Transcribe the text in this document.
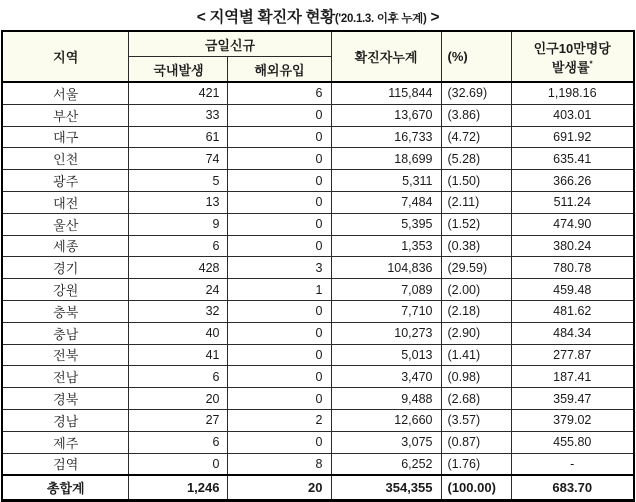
< 지역별 확진자 현황('20.1.3. 이후 누계) >
지역	금일신규		확진자누계	(%)	인구10만명당
발생률*
	국내발생	해외유입			
서울	421	6	115,844	(32.69)	1,198.16
부산	33	0	13,670	(3.86)	403.01
대구	61	0	16,733	(4.72)	691.92
인천	74	0	18,699	(5.28)	635.41
광주	5	0	5,311	(1.50)	366.26
대전	13	0	7,484	(2.11)	511.24
울산	9	0	5,395	(1.52)	474.90
세종	6	0	1,353	(0.38)	380.24
경기	428	3	104,836	(29.59)	780.78
강원	24	1	7,089	(2.00)	459.48
충북	32	0	7,710	(2.18)	481.62
충남	40	0	10,273	(2.90)	484.34
전북	41	0	5,013	(1.41)	277.87
전남	6	0	3,470	(0.98)	187.41
경북	20	0	9,488	(2.68)	359.47
경남	27	2	12,660	(3.57)	379.02
제주	6	0	3,075	(0.87)	455.80
검역	0	8	6,252	(1.76)	-
총합계	1,246	20	354,355	(100.00)	683.70
